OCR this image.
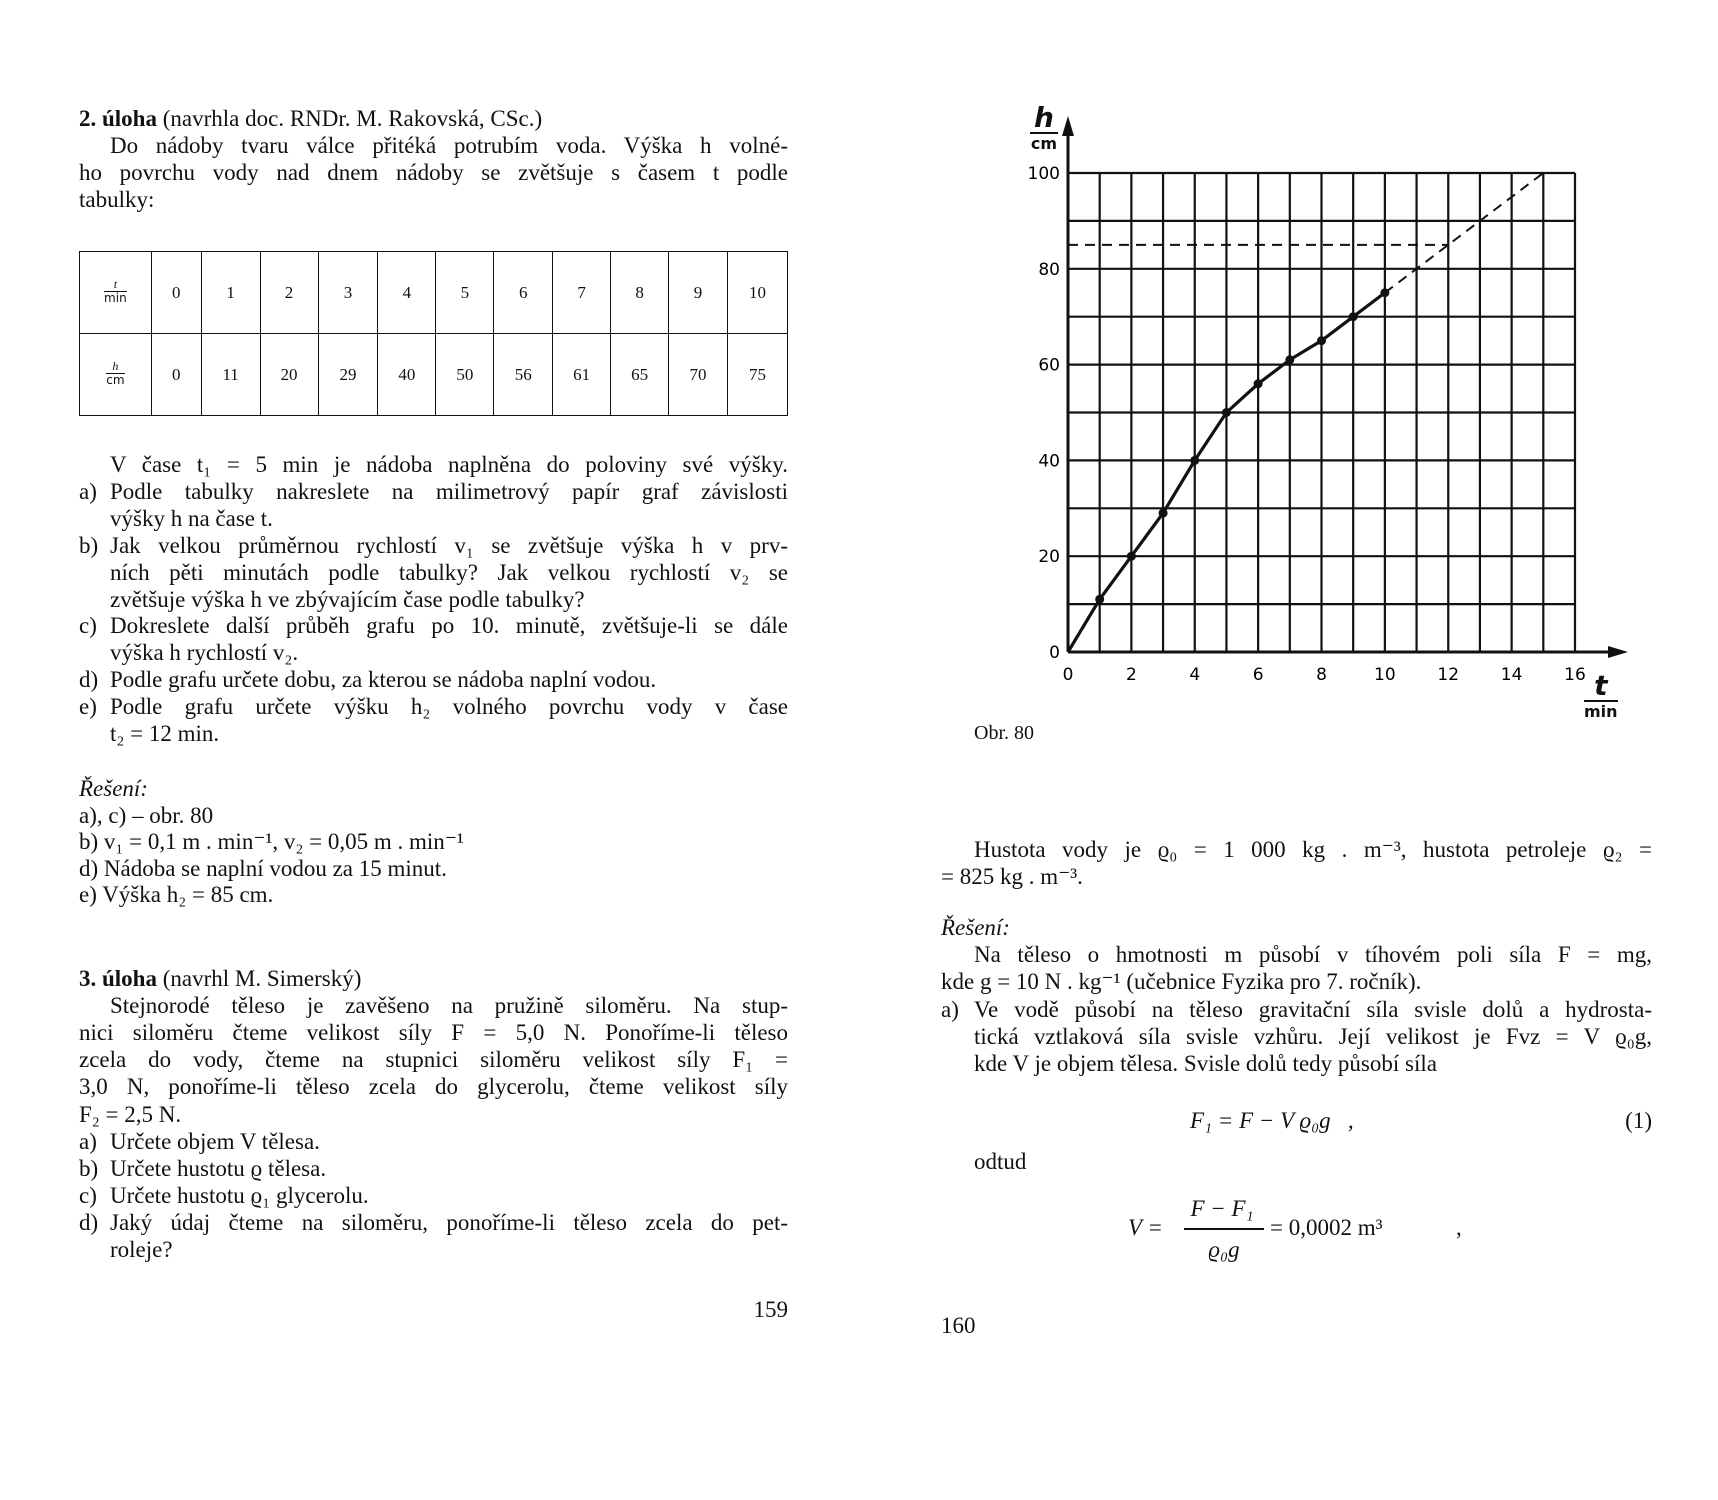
2. úloha (navrhla doc. RNDr. M. Rakovská, CSc.)
Do nádoby tvaru válce přitéká potrubím voda. Výška h volné-
ho povrchu vody nad dnem nádoby se zvětšuje s časem t podle
tabulky:
V čase t₁ = 5 min je nádoba naplněna do poloviny své výšky.
a) Podle tabulky nakreslete na milimetrový papír graf závislosti
výšky h na čase t.
b) Jak velkou průměrnou rychlostí v₁ se zvětšuje výška h v prv-
ních pěti minutách podle tabulky? Jak velkou rychlostí v₂ se
zvětšuje výška h ve zbývajícím čase podle tabulky?
c) Dokreslete další průběh grafu po 10. minutě, zvětšuje-li se dále
výška h rychlostí v₂.
d) Podle grafu určete dobu, za kterou se nádoba naplní vodou.
e) Podle grafu určete výšku h₂ volného povrchu vody v čase
t₂ = 12 min.
Řešení:
a), c) – obr. 80
b) v₁ = 0,1 m . min⁻¹, v₂ = 0,05 m . min⁻¹
d) Nádoba se naplní vodou za 15 minut.
e) Výška h₂ = 85 cm.
3. úloha (navrhl M. Simerský)
Stejnorodé těleso je zavěšeno na pružině siloměru. Na stup-
nici siloměru čteme velikost síly F = 5,0 N. Ponoříme-li těleso
zcela do vody, čteme na stupnici siloměru velikost síly F₁ =
3,0 N, ponoříme-li těleso zcela do glycerolu, čteme velikost síly
F₂ = 2,5 N.
a) Určete objem V tělesa.
b) Určete hustotu ϱ tělesa.
c) Určete hustotu ϱ₁ glycerolu.
d) Jaký údaj čteme na siloměru, ponoříme-li těleso zcela do pet-
roleje?
Hustota vody je ϱ₀ = 1 000 kg . m⁻³, hustota petroleje ϱ₂ =
= 825 kg . m⁻³.
Řešení:
Na těleso o hmotnosti m působí v tíhovém poli síla F = mg,
kde g = 10 N . kg⁻¹ (učebnice Fyzika pro 7. ročník).
a) Ve vodě působí na těleso gravitační síla svisle dolů a hydrosta-
tická vztlaková síla svisle vzhůru. Její velikost je Fvz = V ϱ₀g,
kde V je objem tělesa. Svisle dolů tedy působí síla
t
min	0	1	2	3	4	5	6	7	8	9	10

$\frac{h}{cm}$	0	11	20	29	40	50	56	61	65	70	75
0	2	4	6	8	10 12 14 16
0
20
40
60
80
100
h
cm
t
min
Obr. 80
F₁ = F − V ϱ₀g   ,	(1)
odtud
V =
F − F₁
ϱ₀g
= 0,0002 m³	,
159
160
